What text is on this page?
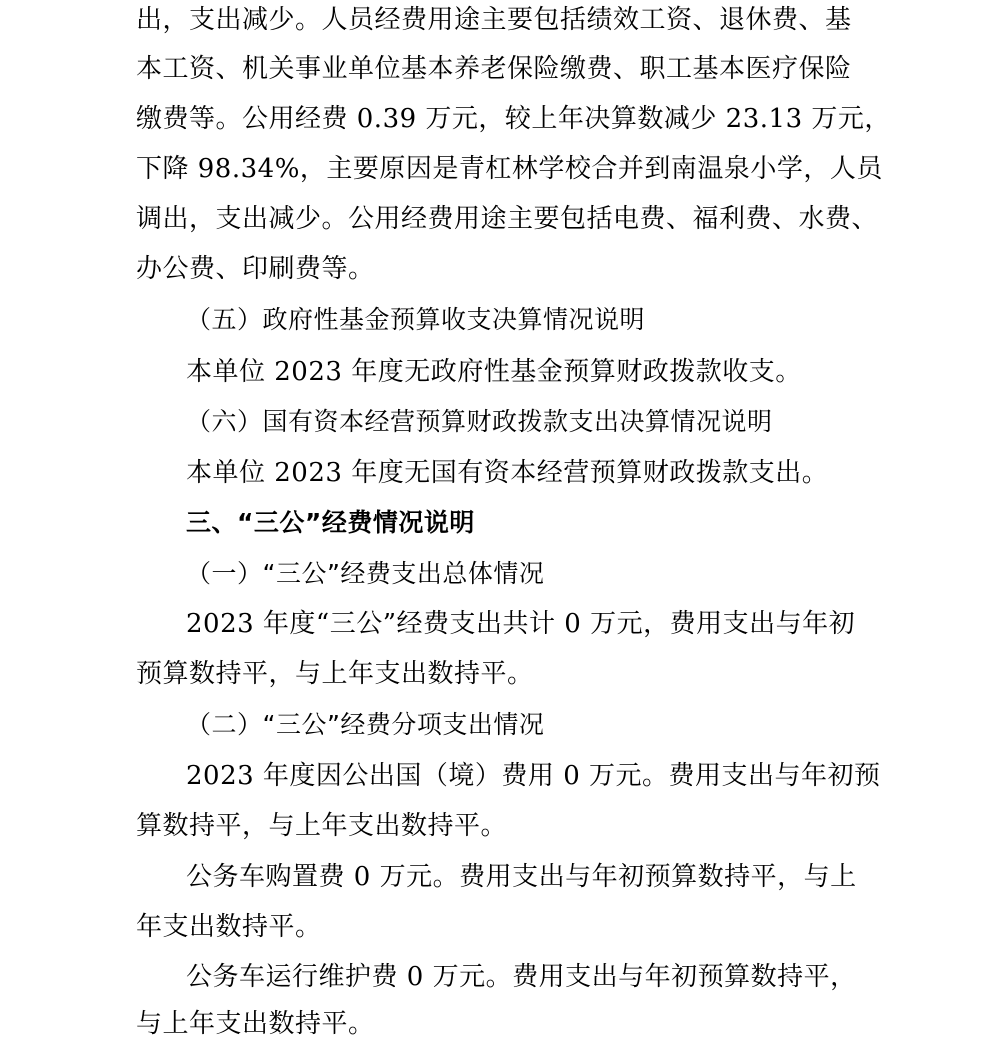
出，支出减少。人员经费用途主要包括绩效工资、退休费、基
本工资、机关事业单位基本养老保险缴费、职工基本医疗保险
缴费等。公用经费 0.39 万元，较上年决算数减少 23.13 万元，
下降 98.34%，主要原因是青杠林学校合并到南温泉小学，人员
调出，支出减少。公用经费用途主要包括电费、福利费、水费、
办公费、印刷费等。
（五）政府性基金预算收支决算情况说明
本单位 2023 年度无政府性基金预算财政拨款收支。
（六）国有资本经营预算财政拨款支出决算情况说明
本单位 2023 年度无国有资本经营预算财政拨款支出。
三、“三公”经费情况说明
（一）“三公”经费支出总体情况
2023 年度“三公”经费支出共计 0 万元，费用支出与年初
预算数持平，与上年支出数持平。
（二）“三公”经费分项支出情况
2023 年度因公出国（境）费用 0 万元。费用支出与年初预
算数持平，与上年支出数持平。
公务车购置费 0 万元。费用支出与年初预算数持平，与上
年支出数持平。
公务车运行维护费 0 万元。费用支出与年初预算数持平，
与上年支出数持平。
